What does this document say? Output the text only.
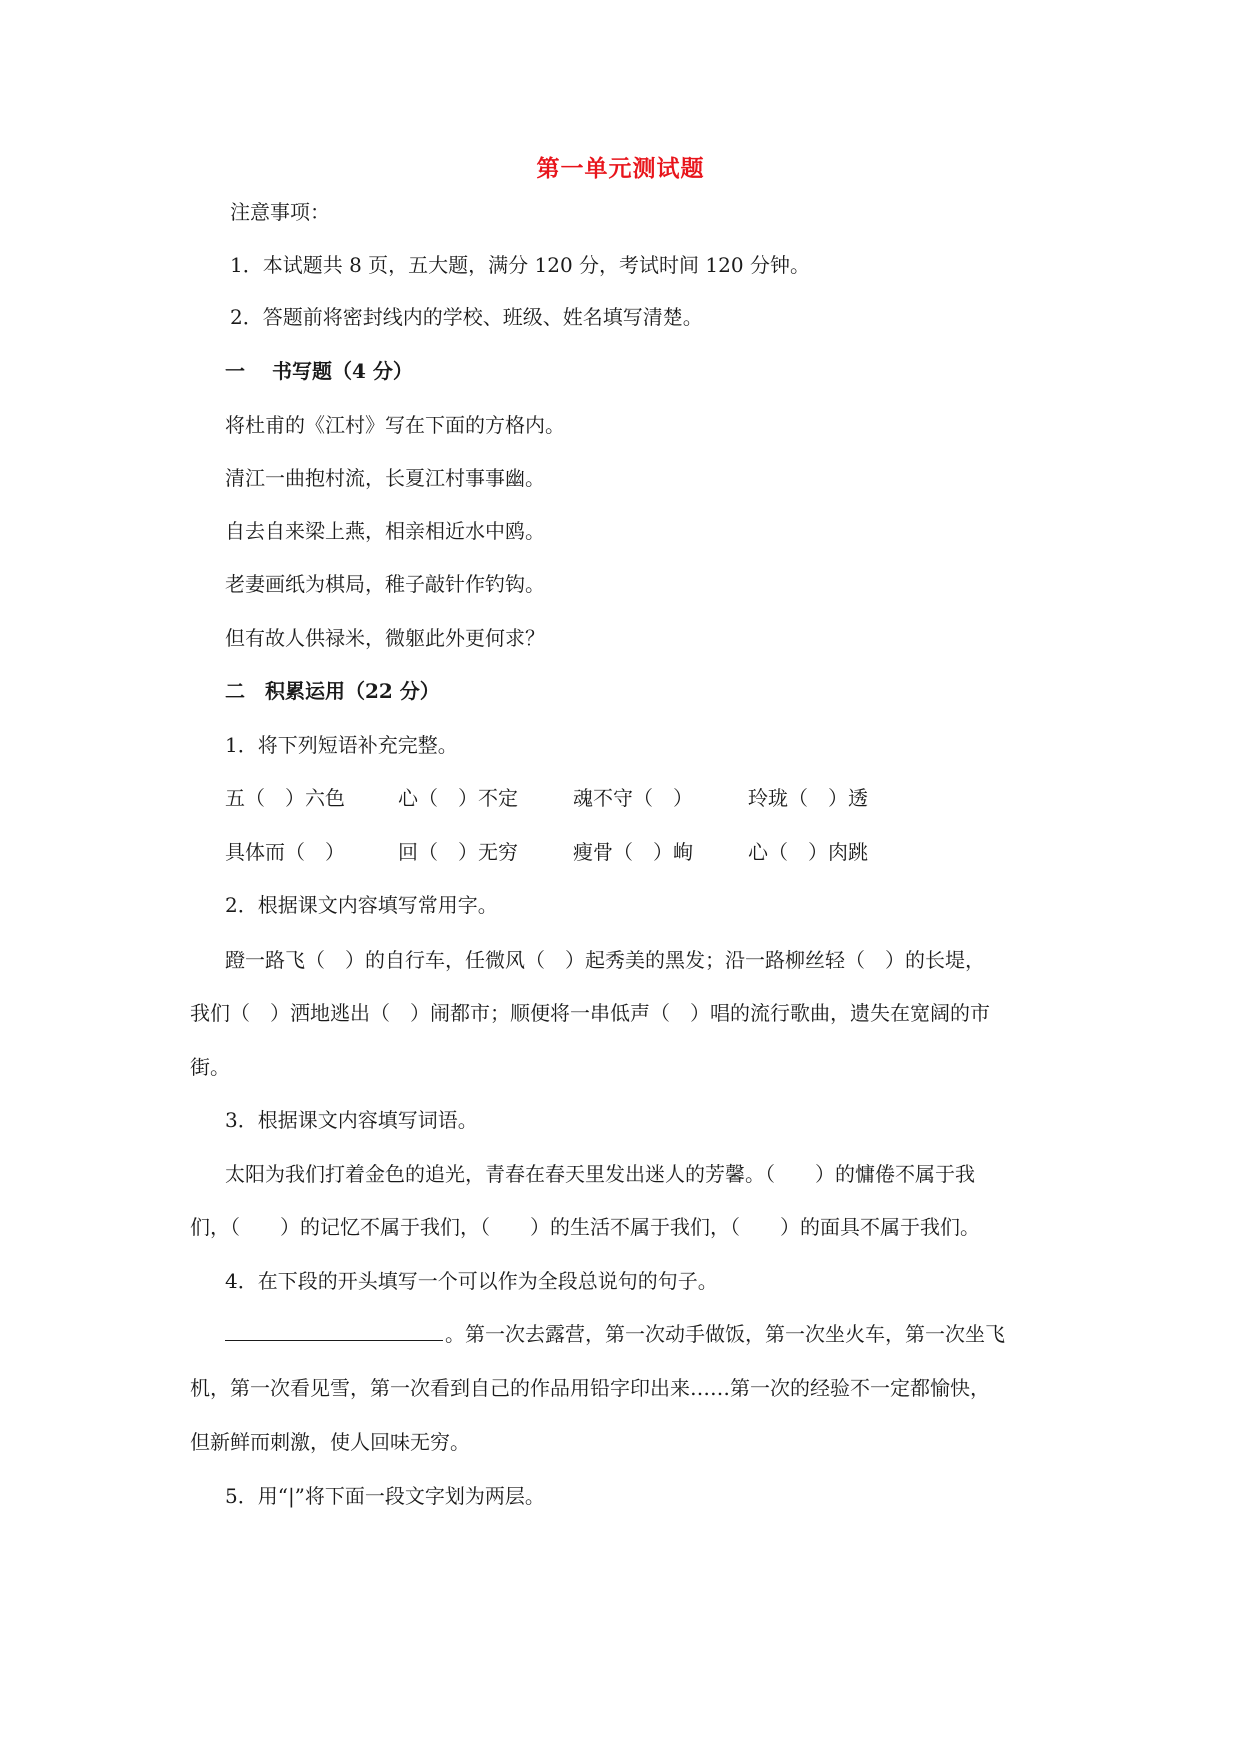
第一单元测试题
注意事项：
1．本试题共 8 页，五大题，满分 120 分，考试时间 120 分钟。
2．答题前将密封线内的学校、班级、姓名填写清楚。
一　 书写题（4 分）
将杜甫的《江村》写在下面的方格内。
清江一曲抱村流，长夏江村事事幽。
自去自来梁上燕，相亲相近水中鸥。
老妻画纸为棋局，稚子敲针作钓钩。
但有故人供禄米，微躯此外更何求？
二　积累运用（22 分）
1．将下列短语补充完整。
五（　）六色	心（　）不定	魂不守（　）	玲珑（　）透
具体而（　）	回（　）无穷	瘦骨（　）峋	心（　）肉跳
2．根据课文内容填写常用字。
蹬一路飞（　）的自行车，任微风（　）起秀美的黑发；沿一路柳丝轻（　）的长堤，
我们（　）洒地逃出（　）闹都市；顺便将一串低声（　）唱的流行歌曲，遗失在宽阔的市
街。
3．根据课文内容填写词语。
太阳为我们打着金色的追光，青春在春天里发出迷人的芳馨。（　　）的慵倦不属于我
们，（　　）的记忆不属于我们，（　　）的生活不属于我们，（　　）的面具不属于我们。
4．在下段的开头填写一个可以作为全段总说句的句子。
。第一次去露营，第一次动手做饭，第一次坐火车，第一次坐飞
机，第一次看见雪，第一次看到自己的作品用铅字印出来……第一次的经验不一定都愉快，
但新鲜而刺激，使人回味无穷。
5．用“|”将下面一段文字划为两层。
